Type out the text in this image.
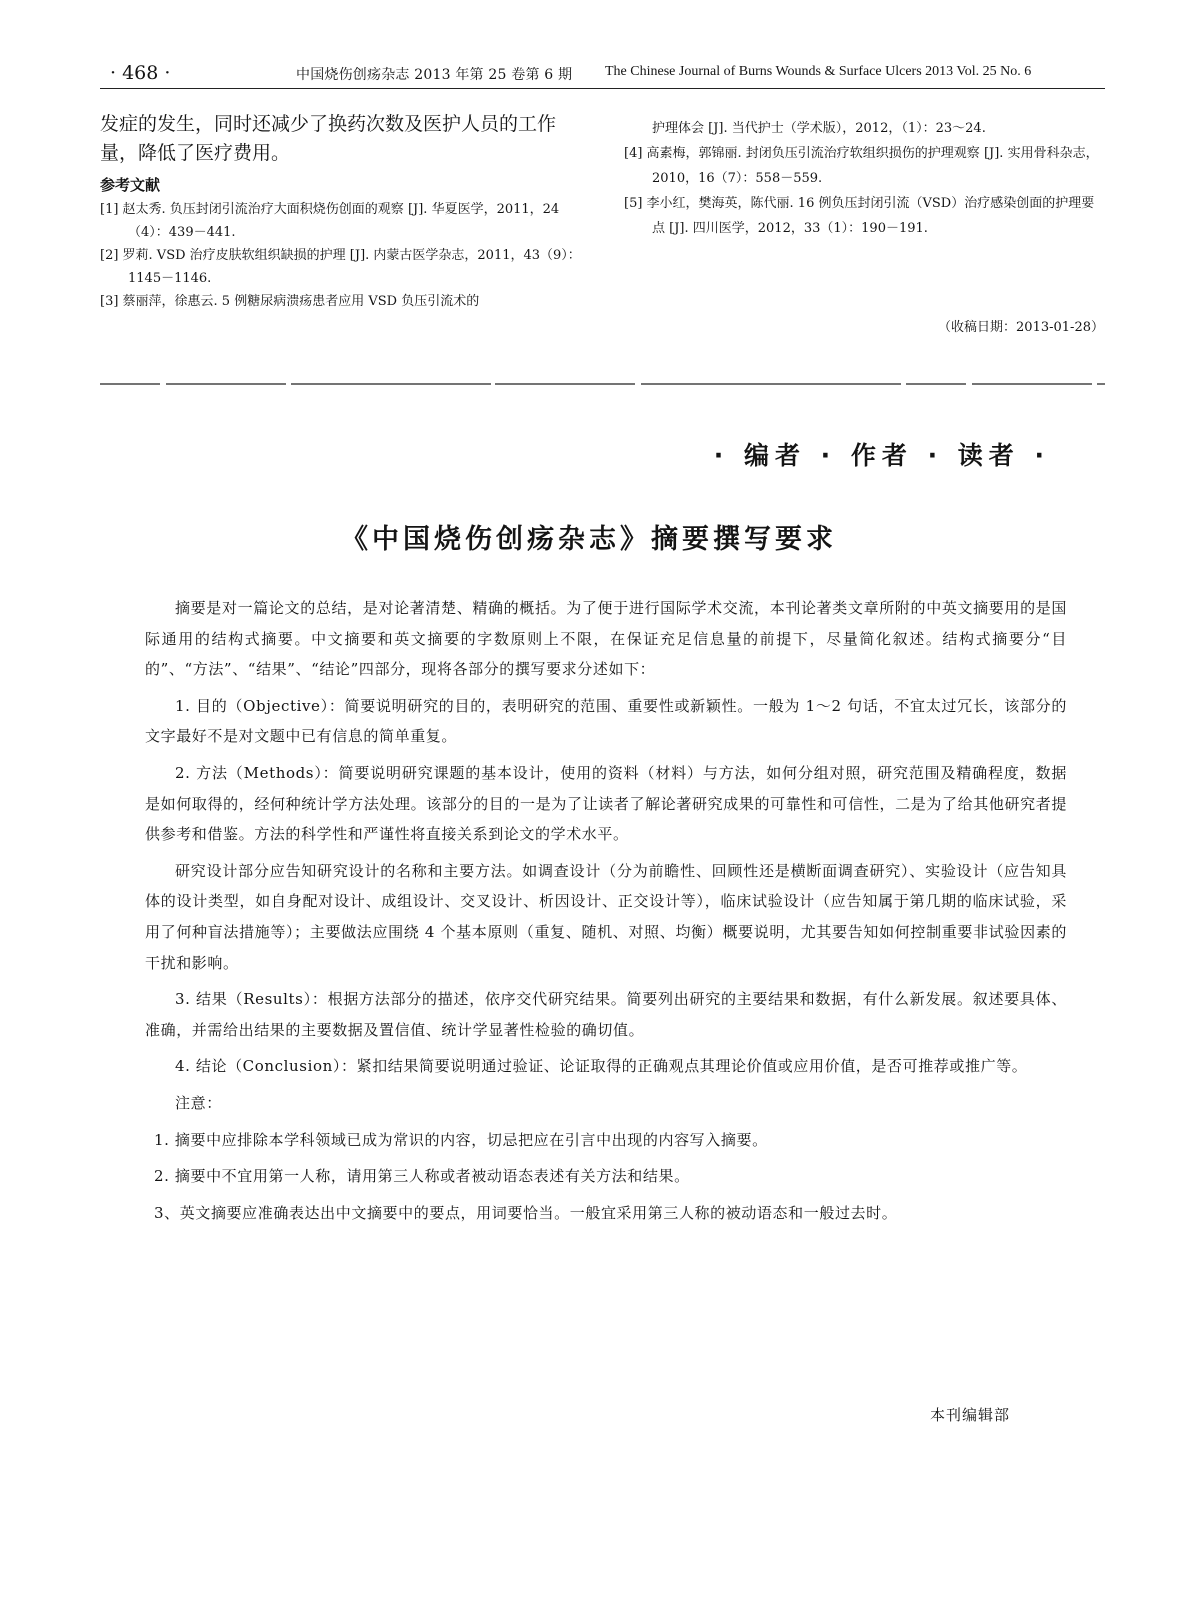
· 468 ·	中国烧伤创疡杂志 2013 年第 25 卷第 6 期 The Chinese Journal of Burns Wounds & Surface Ulcers 2013 Vol. 25 No. 6
发症的发生，同时还减少了换药次数及医护人员的工作量，降低了医疗费用。
参考文献

[1] 赵太秀. 负压封闭引流治疗大面积烧伤创面的观察 [J]. 华夏医学，2011，24（4）：439－441.

[2] 罗莉. VSD 治疗皮肤软组织缺损的护理 [J]. 内蒙古医学杂志，2011，43（9）：1145－1146.

[3] 蔡丽萍，徐惠云. 5 例糖尿病溃疡患者应用 VSD 负压引流术的

护理体会 [J]. 当代护士（学术版），2012，（1）：23～24.

[4] 高素梅，郭锦丽. 封闭负压引流治疗软组织损伤的护理观察 [J]. 实用骨科杂志，2010，16（7）：558－559.

[5] 李小红，樊海英，陈代丽. 16 例负压封闭引流（VSD）治疗感染创面的护理要点 [J]. 四川医学，2012，33（1）：190－191.

（收稿日期：2013-01-28）
· 编者 · 作者 · 读者 ·
《中国烧伤创疡杂志》摘要撰写要求

摘要是对一篇论文的总结，是对论著清楚、精确的概括。为了便于进行国际学术交流，本刊论著类文章所附的中英文摘要用的是国际通用的结构式摘要。中文摘要和英文摘要的字数原则上不限，在保证充足信息量的前提下，尽量简化叙述。结构式摘要分“目的”、“方法”、“结果”、“结论”四部分，现将各部分的撰写要求分述如下：

1. 目的（Objective）：简要说明研究的目的，表明研究的范围、重要性或新颖性。一般为 1～2 句话，不宜太过冗长，该部分的文字最好不是对文题中已有信息的简单重复。

2. 方法（Methods）：简要说明研究课题的基本设计，使用的资料（材料）与方法，如何分组对照，研究范围及精确程度，数据是如何取得的，经何种统计学方法处理。该部分的目的一是为了让读者了解论著研究成果的可靠性和可信性，二是为了给其他研究者提供参考和借鉴。方法的科学性和严谨性将直接关系到论文的学术水平。

研究设计部分应告知研究设计的名称和主要方法。如调查设计（分为前瞻性、回顾性还是横断面调查研究）、实验设计（应告知具体的设计类型，如自身配对设计、成组设计、交叉设计、析因设计、正交设计等），临床试验设计（应告知属于第几期的临床试验，采用了何种盲法措施等）；主要做法应围绕 4 个基本原则（重复、随机、对照、均衡）概要说明，尤其要告知如何控制重要非试验因素的干扰和影响。

3. 结果（Results）：根据方法部分的描述，依序交代研究结果。简要列出研究的主要结果和数据，有什么新发展。叙述要具体、准确，并需给出结果的主要数据及置信值、统计学显著性检验的确切值。

4. 结论（Conclusion）：紧扣结果简要说明通过验证、论证取得的正确观点其理论价值或应用价值，是否可推荐或推广等。

注意：

1. 摘要中应排除本学科领域已成为常识的内容，切忌把应在引言中出现的内容写入摘要。

2. 摘要中不宜用第一人称，请用第三人称或者被动语态表述有关方法和结果。

3、英文摘要应准确表达出中文摘要中的要点，用词要恰当。一般宜采用第三人称的被动语态和一般过去时。

本刊编辑部
